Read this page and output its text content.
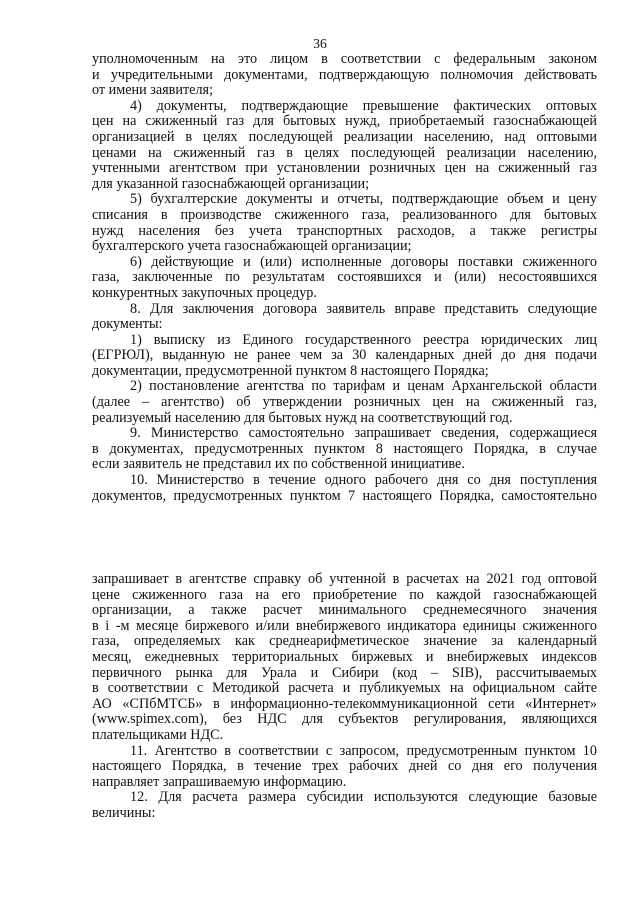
36
уполномоченным на это лицом в соответствии с федеральным законом
и учредительными документами, подтверждающую полномочия действовать
от имени заявителя;
4) документы, подтверждающие превышение фактических оптовых
цен на сжиженный газ для бытовых нужд, приобретаемый газоснабжающей
организацией в целях последующей реализации населению, над оптовыми
ценами на сжиженный газ в целях последующей реализации населению,
учтенными агентством при установлении розничных цен на сжиженный газ
для указанной газоснабжающей организации;
5) бухгалтерские документы и отчеты, подтверждающие объем и цену
списания в производстве сжиженного газа, реализованного для бытовых
нужд населения без учета транспортных расходов, а также регистры
бухгалтерского учета газоснабжающей организации;
6) действующие и (или) исполненные договоры поставки сжиженного
газа, заключенные по результатам состоявшихся и (или) несостоявшихся
конкурентных закупочных процедур.
8. Для заключения договора заявитель вправе представить следующие
документы:
1) выписку из Единого государственного реестра юридических лиц
(ЕГРЮЛ), выданную не ранее чем за 30 календарных дней до дня подачи
документации, предусмотренной пунктом 8 настоящего Порядка;
2) постановление агентства по тарифам и ценам Архангельской области
(далее – агентство) об утверждении розничных цен на сжиженный газ,
реализуемый населению для бытовых нужд на соответствующий год.
9. Министерство самостоятельно запрашивает сведения, содержащиеся
в документах, предусмотренных пунктом 8 настоящего Порядка, в случае
если заявитель не представил их по собственной инициативе.
10. Министерство в течение одного рабочего дня со дня поступления
документов, предусмотренных пунктом 7 настоящего Порядка, самостоятельно
запрашивает в агентстве справку об учтенной в расчетах на 2021 год оптовой
цене сжиженного газа на его приобретение по каждой газоснабжающей
организации, а также расчет минимального среднемесячного значения
в i -м месяце биржевого и/или внебиржевого индикатора единицы сжиженного
газа, определяемых как среднеарифметическое значение за календарный
месяц, ежедневных территориальных биржевых и внебиржевых индексов
первичного рынка для Урала и Сибири (код – SIB), рассчитываемых
в соответствии с Методикой расчета и публикуемых на официальном сайте
АО «СПбМТСБ» в информационно-телекоммуникационной сети «Интернет»
(www.spimex.com), без НДС для субъектов регулирования, являющихся
плательщиками НДС.
11. Агентство в соответствии с запросом, предусмотренным пунктом 10
настоящего Порядка, в течение трех рабочих дней со дня его получения
направляет запрашиваемую информацию.
12. Для расчета размера субсидии используются следующие базовые
величины:
